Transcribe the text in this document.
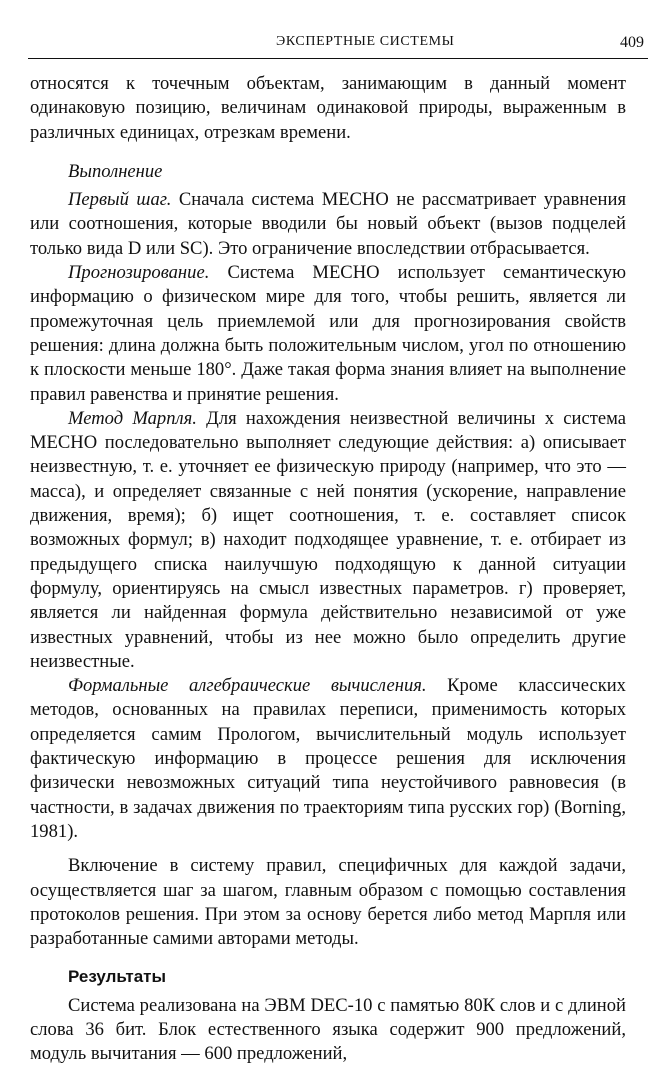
ЭКСПЕРТНЫЕ СИСТЕМЫ	409

относятся к точечным объектам, занимающим в данный момент одинаковую позицию, величинам одинаковой природы, выраженным в различных единицах, отрезкам времени.

Выполнение

Первый шаг. Сначала система MECHO не рассматривает уравнения или соотношения, которые вводили бы новый объект (вызов подцелей только вида D или SC). Это ограничение впоследствии отбрасывается.

Прогнозирование. Система MECHO использует семантическую информацию о физическом мире для того, чтобы решить, является ли промежуточная цель приемлемой или для прогнозирования свойств решения: длина должна быть положительным числом, угол по отношению к плоскости меньше 180°. Даже такая форма знания влияет на выполнение правил равенства и принятие решения.

Метод Марпля. Для нахождения неизвестной величины x система MECHO последовательно выполняет следующие действия: а) описывает неизвестную, т. е. уточняет ее физическую природу (например, что это — масса), и определяет связанные с ней понятия (ускорение, направление движения, время); б) ищет соотношения, т. е. составляет список возможных формул; в) находит подходящее уравнение, т. е. отбирает из предыдущего списка наилучшую подходящую к данной ситуации формулу, ориентируясь на смысл известных параметров. г) проверяет, является ли найденная формула действительно независимой от уже известных уравнений, чтобы из нее можно было определить другие неизвестные.

Формальные алгебраические вычисления. Кроме классических методов, основанных на правилах переписи, применимость которых определяется самим Прологом, вычислительный модуль использует фактическую информацию в процессе решения для исключения физически невозможных ситуаций типа неустойчивого равновесия (в частности, в задачах движения по траекториям типа русских гор) (Borning, 1981).

Включение в систему правил, специфичных для каждой задачи, осуществляется шаг за шагом, главным образом с помощью составления протоколов решения. При этом за основу берется либо метод Марпля или разработанные самими авторами методы.

Результаты

Система реализована на ЭВМ DEC-10 с памятью 80К слов и с длиной слова 36 бит. Блок естественного языка содержит 900 предложений, модуль вычитания — 600 предложений,
